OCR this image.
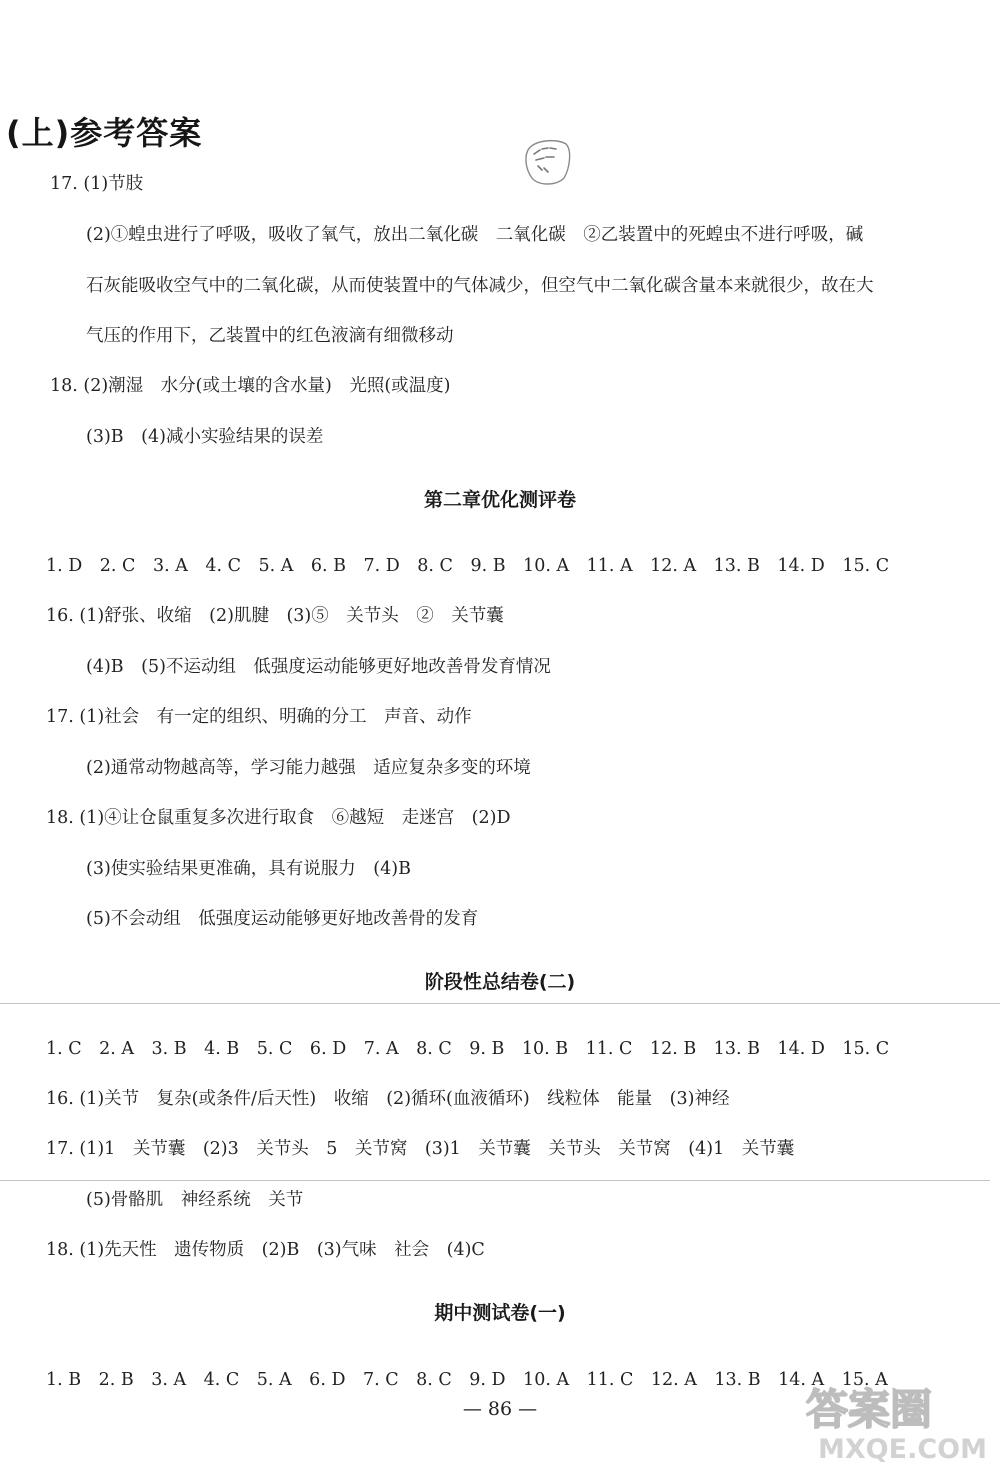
(上)参考答案
17. (1)节肢
(2)①蝗虫进行了呼吸，吸收了氧气，放出二氧化碳　二氧化碳　②乙装置中的死蝗虫不进行呼吸，碱
石灰能吸收空气中的二氧化碳，从而使装置中的气体减少，但空气中二氧化碳含量本来就很少，故在大
气压的作用下，乙装置中的红色液滴有细微移动
18. (2)潮湿　水分(或土壤的含水量)　光照(或温度)
(3)B　(4)减小实验结果的误差
第二章优化测评卷
1. D　2. C　3. A　4. C　5. A　6. B　7. D　8. C　9. B　10. A　11. A　12. A　13. B　14. D　15. C
16. (1)舒张、收缩　(2)肌腱　(3)⑤　关节头　②　关节囊
(4)B　(5)不运动组　低强度运动能够更好地改善骨发育情况
17. (1)社会　有一定的组织、明确的分工　声音、动作
(2)通常动物越高等，学习能力越强　适应复杂多变的环境
18. (1)④让仓鼠重复多次进行取食　⑥越短　走迷宫　(2)D
(3)使实验结果更准确，具有说服力　(4)B
(5)不会动组　低强度运动能够更好地改善骨的发育
阶段性总结卷(二)
1. C　2. A　3. B　4. B　5. C　6. D　7. A　8. C　9. B　10. B　11. C　12. B　13. B　14. D　15. C
16. (1)关节　复杂(或条件/后天性)　收缩　(2)循环(血液循环)　线粒体　能量　(3)神经
17. (1)1　关节囊　(2)3　关节头　5　关节窝　(3)1　关节囊　关节头　关节窝　(4)1　关节囊
(5)骨骼肌　神经系统　关节
18. (1)先天性　遗传物质　(2)B　(3)气味　社会　(4)C
期中测试卷(一)
1. B　2. B　3. A　4. C　5. A　6. D　7. C　8. C　9. D　10. A　11. C　12. A　13. B　14. A　15. A
— 86 —	答案圈
MXQE.COM
